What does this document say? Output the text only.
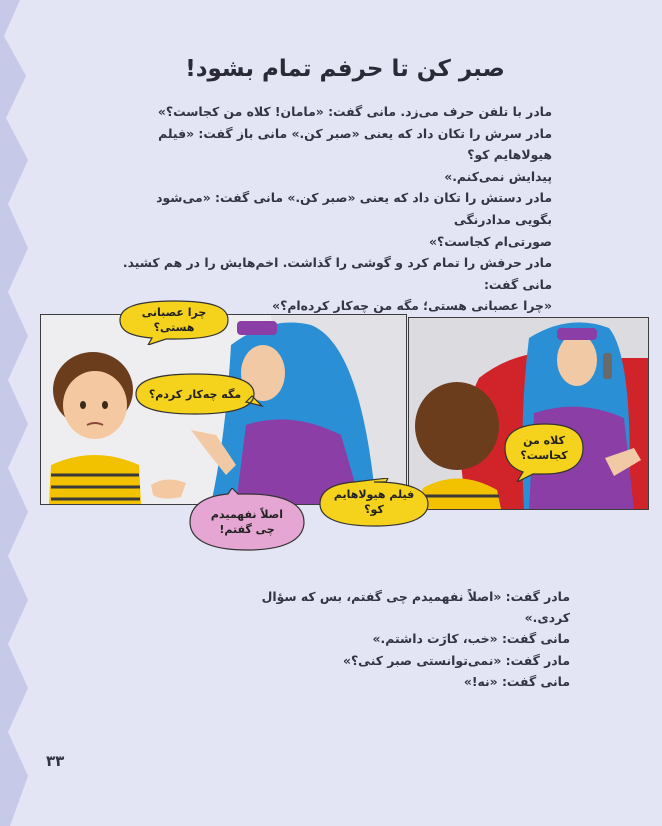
صبر کن تا حرفم تمام بشود!

مادر با تلفن حرف می‌زد. مانی گفت: «مامان! کلاه من کجاست؟»

مادر سرش را تکان داد که یعنی «صبر کن.» مانی باز گفت: «فیلم هیولاهایم کو؟

پیدایش نمی‌کنم.»

مادر دستش را تکان داد که یعنی «صبر کن.» مانی گفت: «می‌شود بگویی مدادرنگی

صورتی‌ام کجاست؟»

مادر حرفش را تمام کرد و گوشی را گذاشت. اخم‌هایش را در هم کشید. مانی گفت:

«چرا عصبانی هستی؛ مگه من چه‌کار کرده‌ام؟»

چرا عصبانی هستی؟
مگه چه‌کار کردم؟
اصلاً نفهمیدم چی گفتم!
فیلم هیولاهایم کو؟
کلاه من کجاست؟

مادر گفت: «اصلاً نفهمیدم چی گفتم، بس که سؤال کردی.»

مانی گفت: «خب، کارَت داشتم.»

مادر گفت: «نمی‌توانستی صبر کنی؟»

مانی گفت: «نه!»

۳۳
